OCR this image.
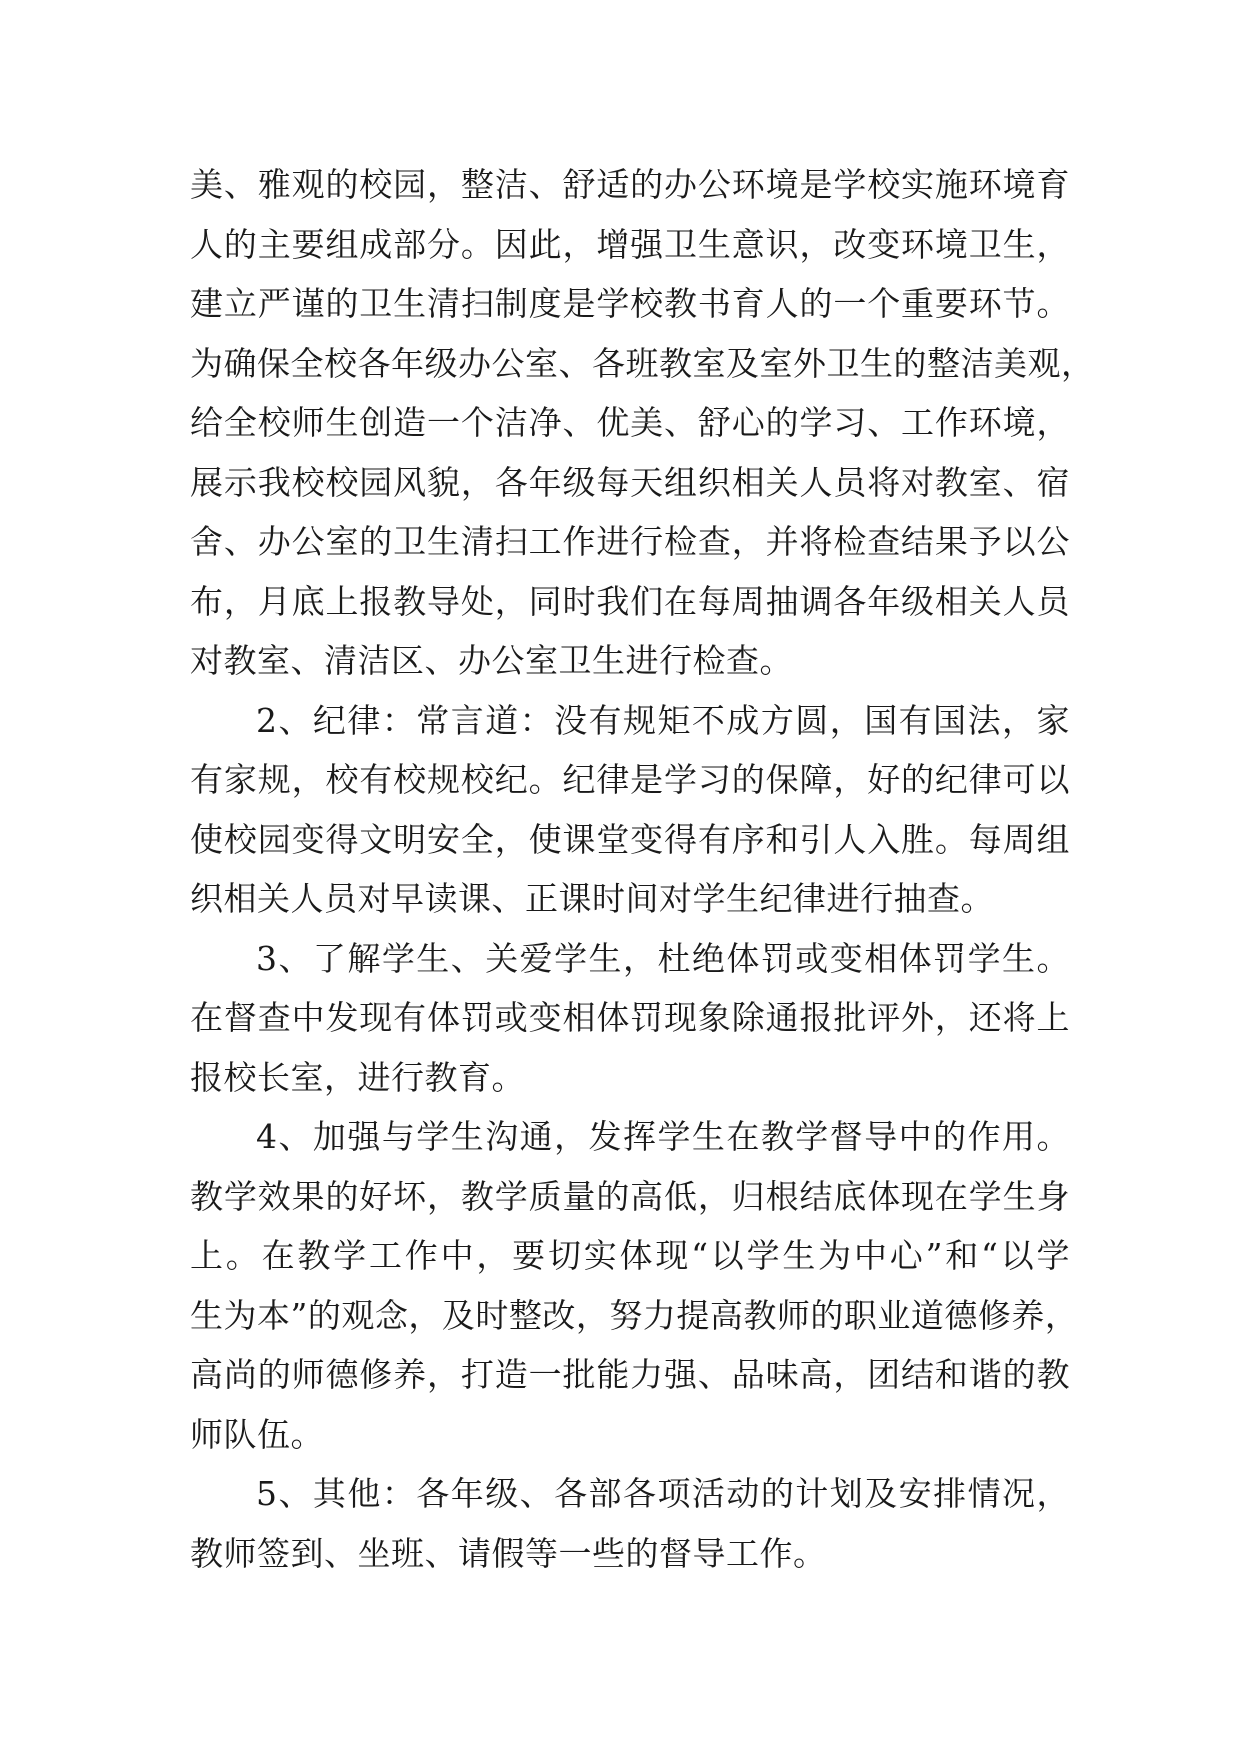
美、雅观的校园，整洁、舒适的办公环境是学校实施环境育
人的主要组成部分。因此，增强卫生意识，改变环境卫生，
建立严谨的卫生清扫制度是学校教书育人的一个重要环节。
为确保全校各年级办公室、各班教室及室外卫生的整洁美观，
给全校师生创造一个洁净、优美、舒心的学习、工作环境，
展示我校校园风貌，各年级每天组织相关人员将对教室、宿
舍、办公室的卫生清扫工作进行检查，并将检查结果予以公
布，月底上报教导处，同时我们在每周抽调各年级相关人员
对教室、清洁区、办公室卫生进行检查。
2、纪律：常言道：没有规矩不成方圆，国有国法，家
有家规，校有校规校纪。纪律是学习的保障，好的纪律可以
使校园变得文明安全，使课堂变得有序和引人入胜。每周组
织相关人员对早读课、正课时间对学生纪律进行抽查。
3、了解学生、关爱学生，杜绝体罚或变相体罚学生。
在督查中发现有体罚或变相体罚现象除通报批评外，还将上
报校长室，进行教育。
4、加强与学生沟通，发挥学生在教学督导中的作用。
教学效果的好坏，教学质量的高低，归根结底体现在学生身
上。在教学工作中，要切实体现“以学生为中心”和“以学
生为本”的观念，及时整改，努力提高教师的职业道德修养，
高尚的师德修养，打造一批能力强、品味高，团结和谐的教
师队伍。
5、其他：各年级、各部各项活动的计划及安排情况，
教师签到、坐班、请假等一些的督导工作。
